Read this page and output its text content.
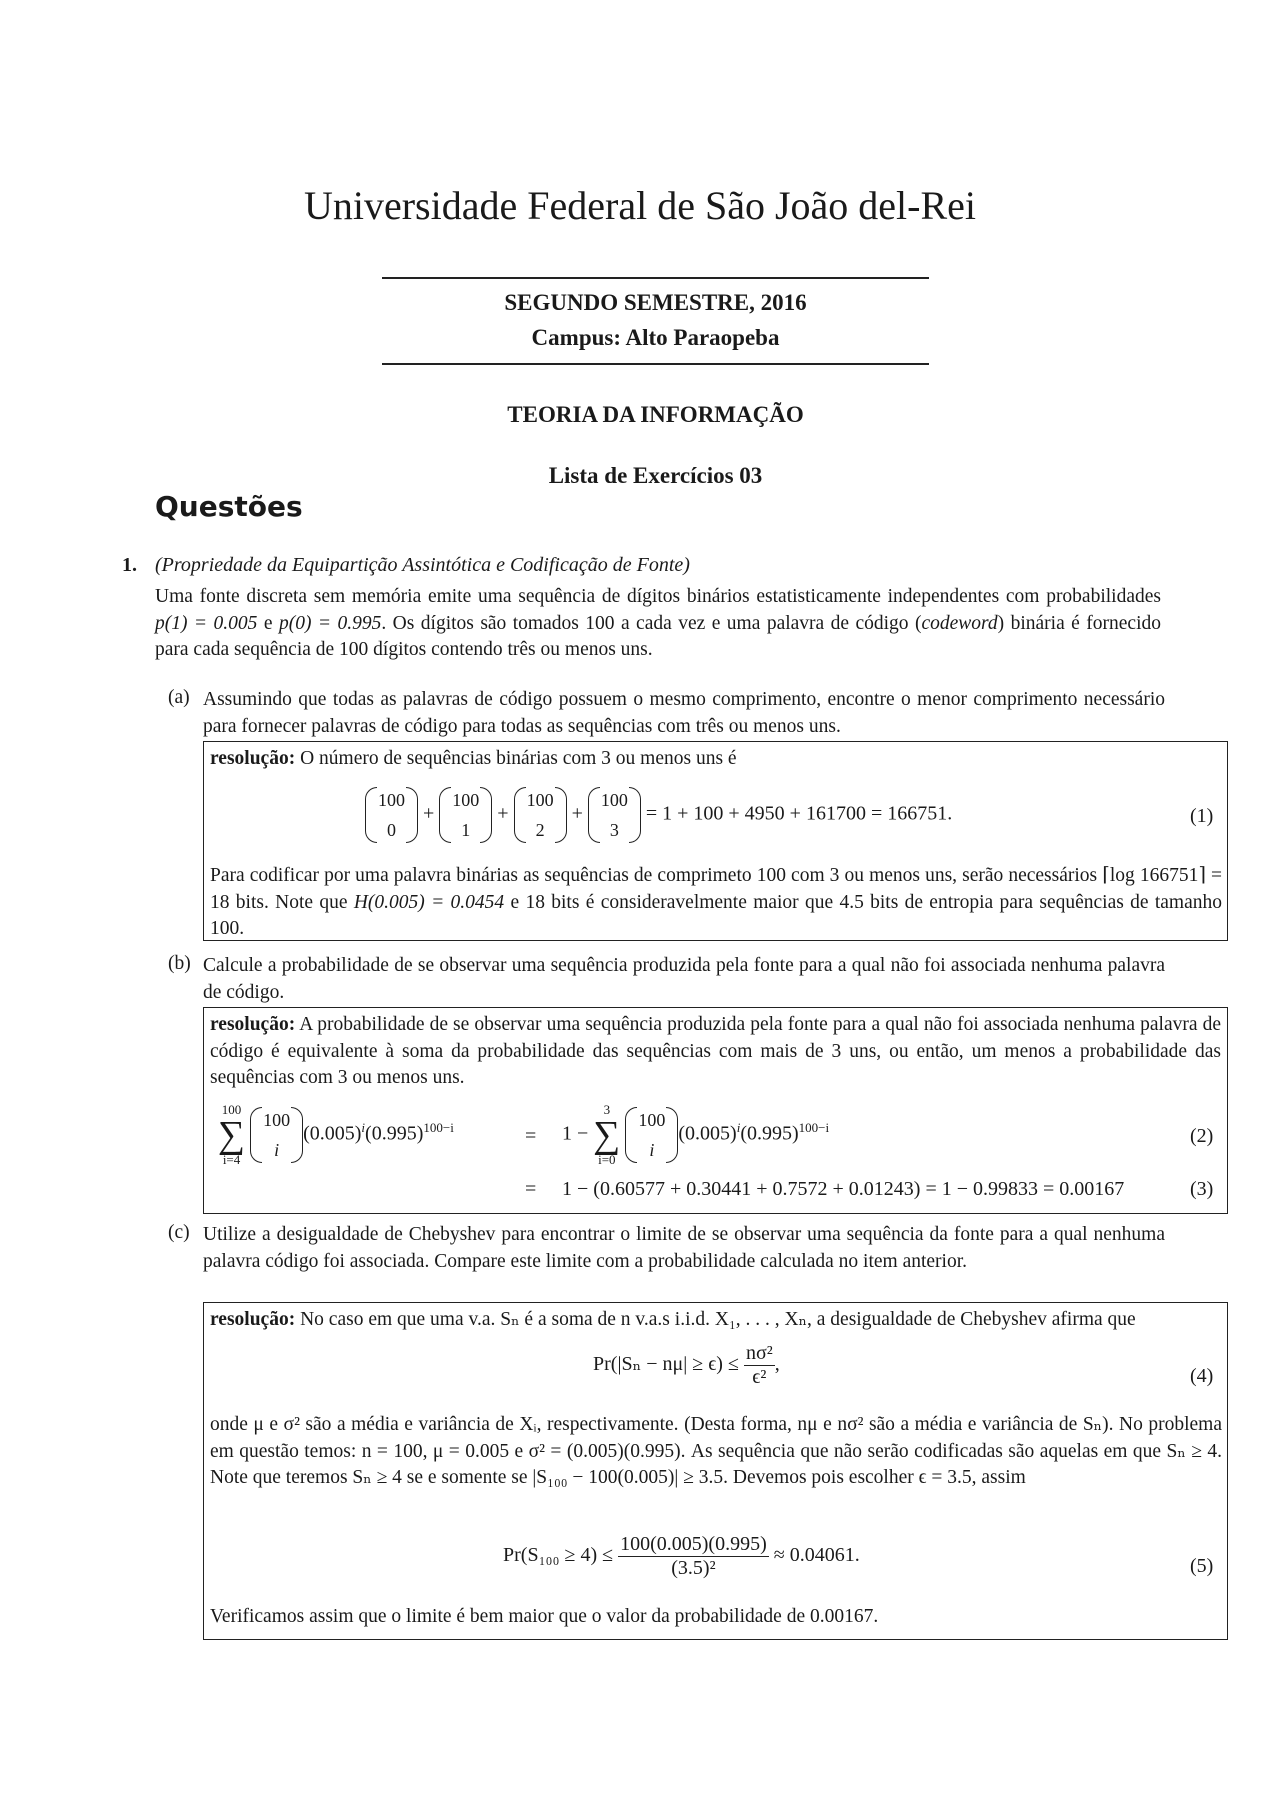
Universidade Federal de São João del-Rei
SEGUNDO SEMESTRE, 2016
Campus: Alto Paraopeba
TEORIA DA INFORMAÇÃO
Lista de Exercícios 03
Questões
1. (Propriedade da Equipartição Assintótica e Codificação de Fonte)
Uma fonte discreta sem memória emite uma sequência de dígitos binários estatisticamente independentes com probabilidades p(1) = 0.005 e p(0) = 0.995. Os dígitos são tomados 100 a cada vez e uma palavra de código (codeword) binária é fornecido para cada sequência de 100 dígitos contendo três ou menos uns.
(a) Assumindo que todas as palavras de código possuem o mesmo comprimento, encontre o menor comprimento necessário para fornecer palavras de código para todas as sequências com três ou menos uns.
resolução: O número de sequências binárias com 3 ou menos uns é
100
0
+
100
1
+
100
2
+
100
3
= 1 + 100 + 4950 + 161700 = 166751.	(1)
Para codificar por uma palavra binárias as sequências de comprimeto 100 com 3 ou menos uns, serão necessários ⌈log 166751⌉ = 18 bits. Note que H(0.005) = 0.0454 e 18 bits é consideravelmente maior que 4.5 bits de entropia para sequências de tamanho 100.
(b) Calcule a probabilidade de se observar uma sequência produzida pela fonte para a qual não foi associada nenhuma palavra de código.
resolução: A probabilidade de se observar uma sequência produzida pela fonte para a qual não foi associada nenhuma palavra de código é equivalente à soma da probabilidade das sequências com mais de 3 uns, ou então, um menos a probabilidade das sequências com 3 ou menos uns.
100
∑
i=4

100
$i(0.005)^i(0.995)^{100-i}$	= 1 −
3
∑
i=0

100
$i(0.005)^i(0.995)^{100-i}$	(2)
= 1 − (0.60577 + 0.30441 + 0.7572 + 0.01243) = 1 − 0.99833 = 0.00167	(3)
(c) Utilize a desigualdade de Chebyshev para encontrar o limite de se observar uma sequência da fonte para a qual nenhuma palavra código foi associada. Compare este limite com a probabilidade calculada no item anterior.
resolução: No caso em que uma v.a. Sₙ é a soma de n v.a.s i.i.d. X₁, . . . , Xₙ, a desigualdade de Chebyshev afirma que
$Pr(|S_n - n\mu| \ge \epsilon) \le \frac{\text{nσ²}}{\text{ϵ²}}$ ,
(4)
onde μ e σ² são a média e variância de Xᵢ, respectivamente. (Desta forma, nμ e nσ² são a média e variância de Sₙ). No problema em questão temos: n = 100, μ = 0.005 e σ² = (0.005)(0.995). As sequência que não serão codificadas são aquelas em que Sₙ ≥ 4. Note que teremos Sₙ ≥ 4 se e somente se |S₁₀₀ − 100(0.005)| ≥ 3.5. Devemos pois escolher ϵ = 3.5, assim
$Pr(S_{100} \ge 4) \le \frac{100(0.005)(0.995)}{\text{(3.5)²}} \approx 0.04061$.	(5)
Verificamos assim que o limite é bem maior que o valor da probabilidade de 0.00167.
